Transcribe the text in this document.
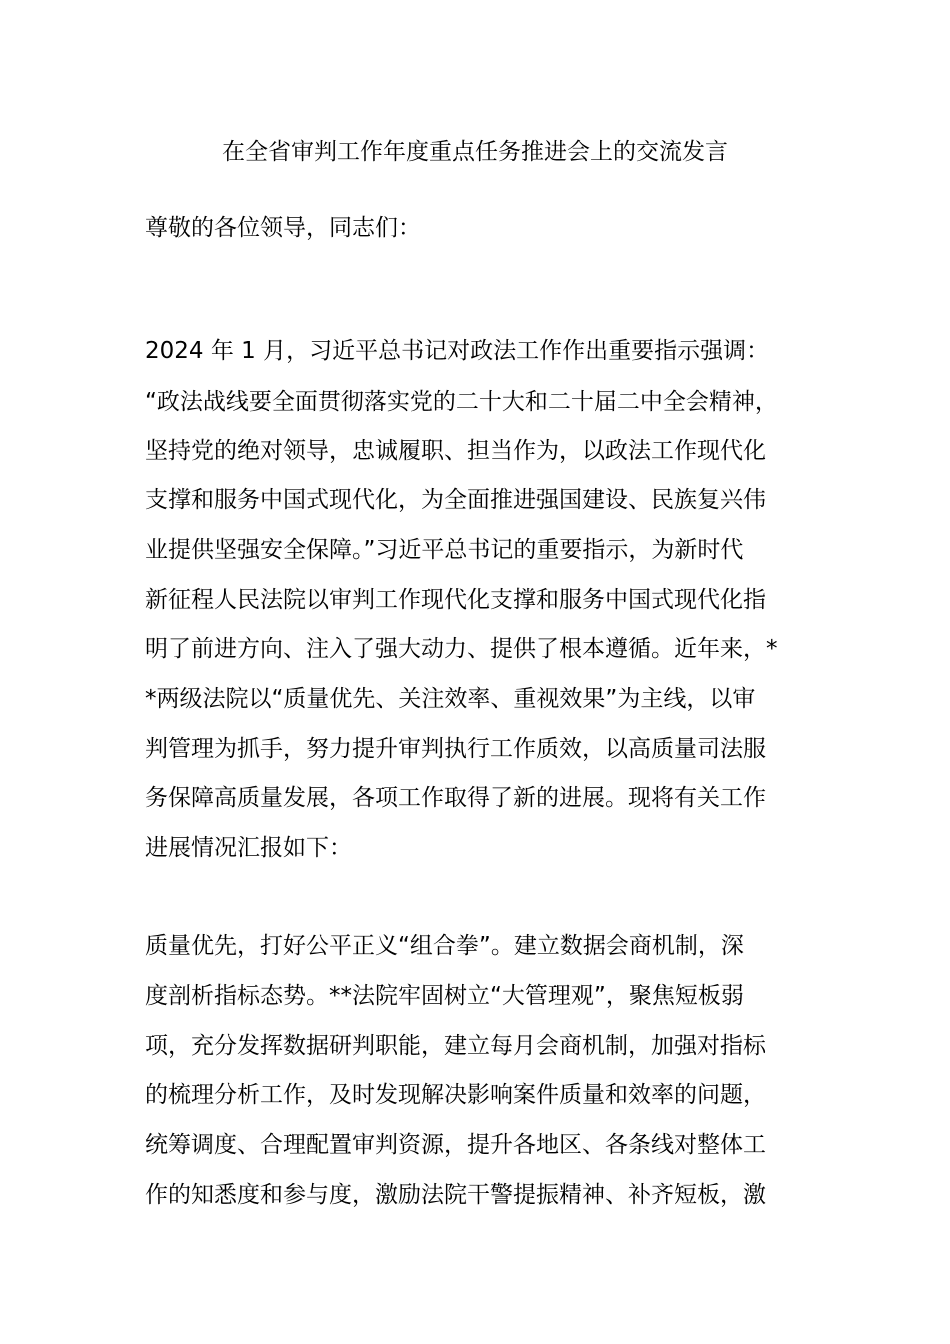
在全省审判工作年度重点任务推进会上的交流发言
尊敬的各位领导，同志们：
2024 年 1 月，习近平总书记对政法工作作出重要指示强调：
“政法战线要全面贯彻落实党的二十大和二十届二中全会精神，
坚持党的绝对领导，忠诚履职、担当作为，以政法工作现代化
支撑和服务中国式现代化，为全面推进强国建设、民族复兴伟
业提供坚强安全保障。”习近平总书记的重要指示，为新时代
新征程人民法院以审判工作现代化支撑和服务中国式现代化指
明了前进方向、注入了强大动力、提供了根本遵循。近年来，*
*两级法院以“质量优先、关注效率、重视效果”为主线，以审
判管理为抓手，努力提升审判执行工作质效，以高质量司法服
务保障高质量发展，各项工作取得了新的进展。现将有关工作
进展情况汇报如下：
质量优先，打好公平正义“组合拳”。建立数据会商机制，深
度剖析指标态势。**法院牢固树立“大管理观”，聚焦短板弱
项，充分发挥数据研判职能，建立每月会商机制，加强对指标
的梳理分析工作，及时发现解决影响案件质量和效率的问题，
统筹调度、合理配置审判资源，提升各地区、各条线对整体工
作的知悉度和参与度，激励法院干警提振精神、补齐短板，激
